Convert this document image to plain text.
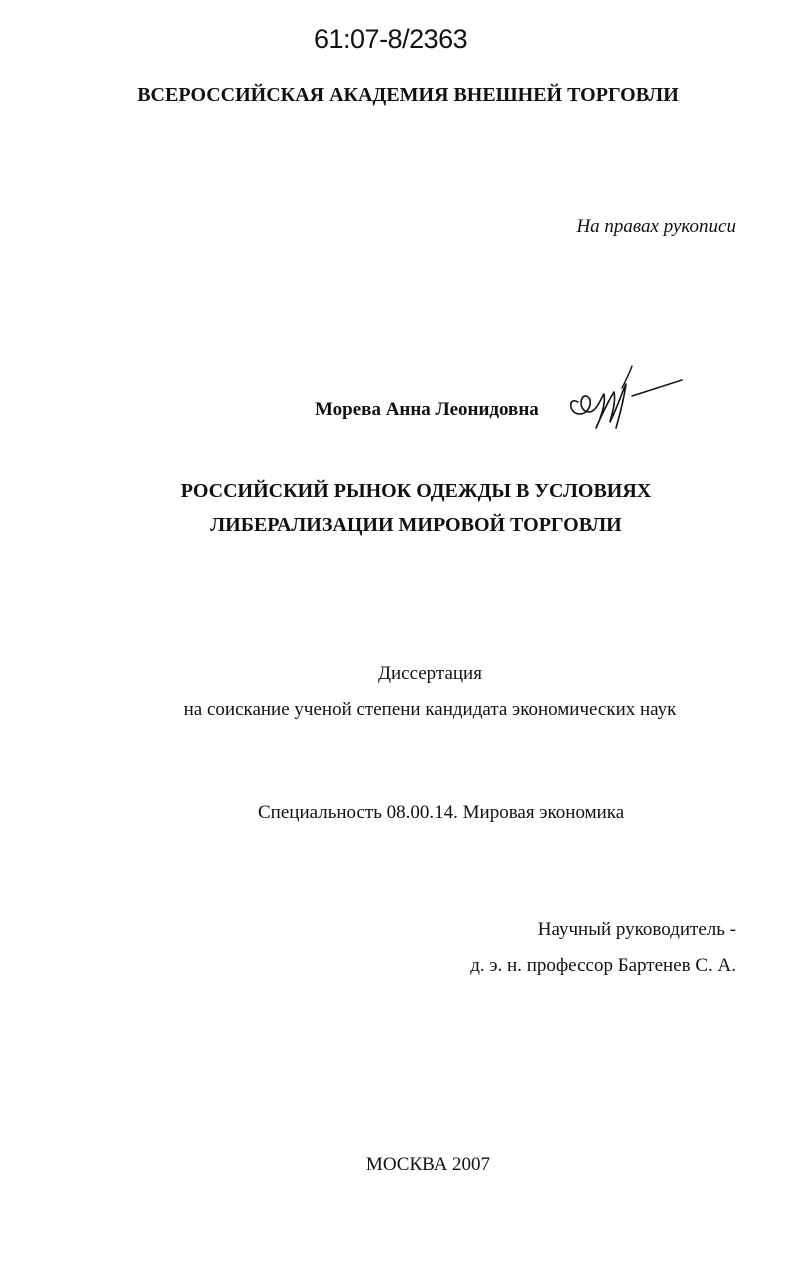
61:07-8/2363

ВСЕРОССИЙСКАЯ АКАДЕМИЯ ВНЕШНЕЙ ТОРГОВЛИ

На правах рукописи

Морева Анна Леонидовна

РОССИЙСКИЙ РЫНОК ОДЕЖДЫ В УСЛОВИЯХ
ЛИБЕРАЛИЗАЦИИ МИРОВОЙ ТОРГОВЛИ
Диссертация
на соискание ученой степени кандидата экономических наук

Специальность 08.00.14. Мировая экономика

Научный руководитель -
д. э. н. профессор Бартенев С. А.

МОСКВА 2007
